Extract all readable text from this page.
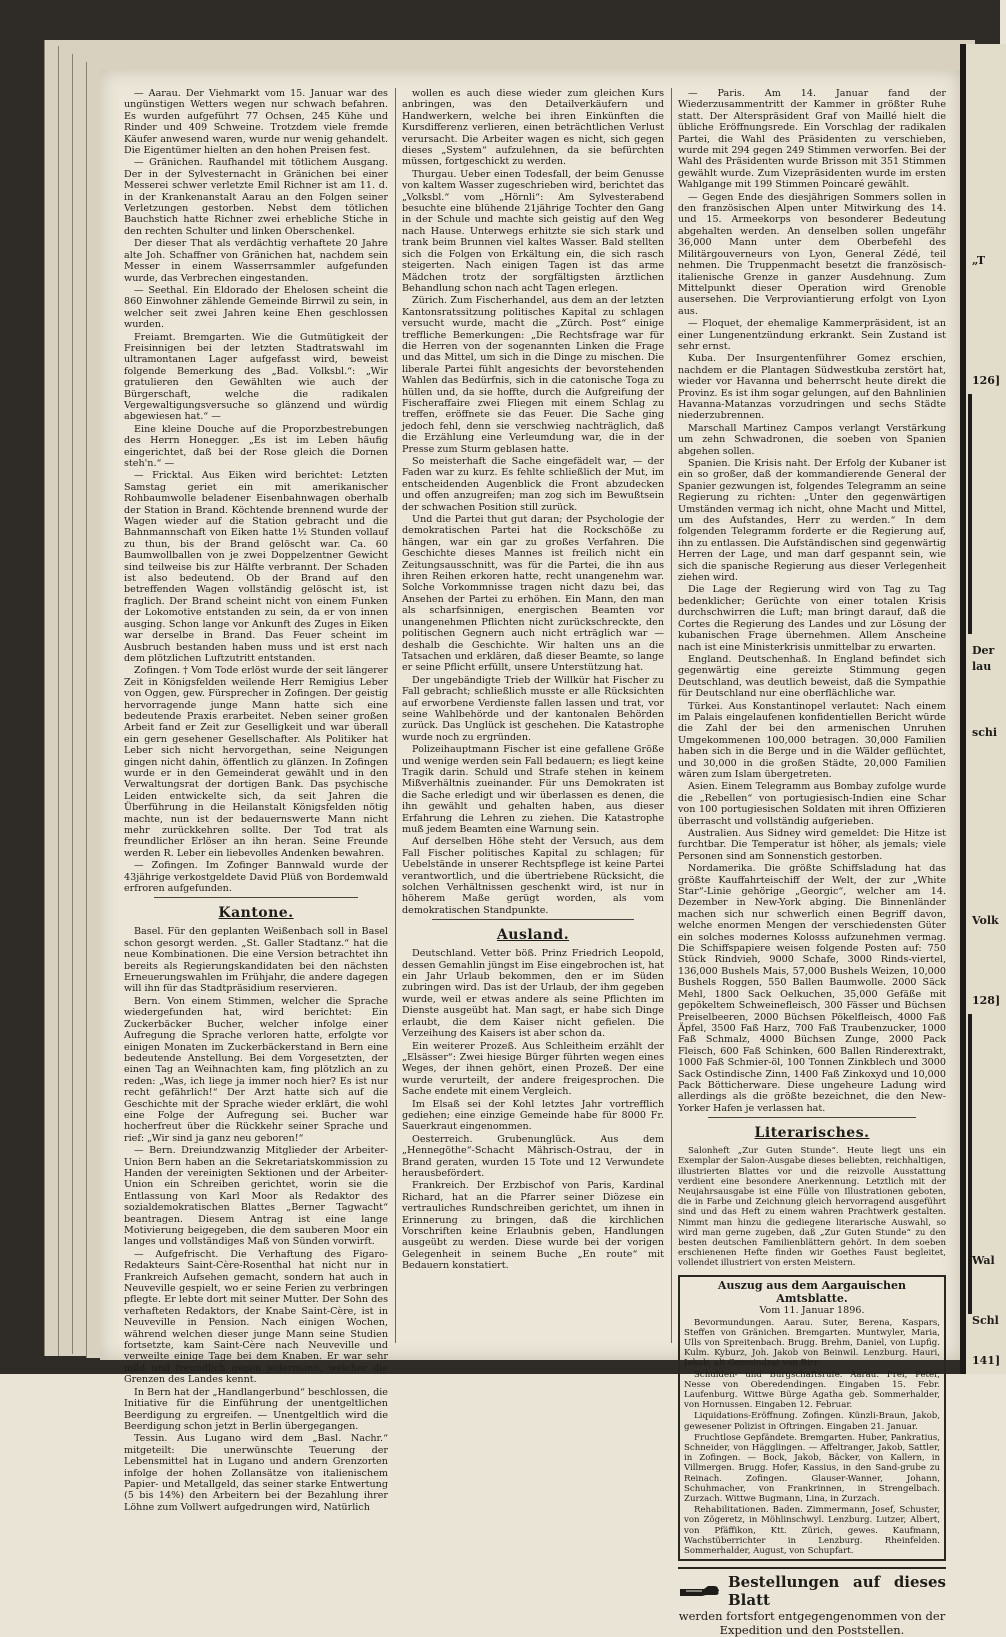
„T
126]
Der
lau
schi
Volk
128]
Wal
Schl
141]

— Aarau. Der Viehmarkt vom 15. Januar war des ungünstigen Wetters wegen nur schwach befahren. Es wurden aufgeführt 77 Ochsen, 245 Kühe und Rinder und 409 Schweine. Trotzdem viele fremde Käufer anwesend waren, wurde nur wenig gehandelt. Die Eigentümer hielten an den hohen Preisen fest.

— Gränichen. Raufhandel mit tötlichem Ausgang. Der in der Sylvesternacht in Gränichen bei einer Messerei schwer verletzte Emil Richner ist am 11. d. in der Krankenanstalt Aarau an den Folgen seiner Verletzungen gestorben. Nebst dem tötlichen Bauchstich hatte Richner zwei erhebliche Stiche in den rechten Schulter und linken Oberschenkel.

Der dieser That als verdächtig verhaftete 20 Jahre alte Joh. Schaffner von Gränichen hat, nachdem sein Messer in einem Wasserrsammler aufgefunden wurde, das Verbrechen eingestanden.

— Seethal. Ein Eldorado der Ehelosen scheint die 860 Einwohner zählende Gemeinde Birrwil zu sein, in welcher seit zwei Jahren keine Ehen geschlossen wurden.

Freiamt. Bremgarten. Wie die Gutmütigkeit der Freisinnigen bei der letzten Stadtratswahl im ultramontanen Lager aufgefasst wird, beweist folgende Bemerkung des „Bad. Volksbl.“: „Wir gratulieren den Gewählten wie auch der Bürgerschaft, welche die radikalen Vergewaltigungsversuche so glänzend und würdig abgewiesen hat.“ —

Eine kleine Douche auf die Proporzbestrebungen des Herrn Honegger. „Es ist im Leben häufig eingerichtet, daß bei der Rose gleich die Dornen steh'n.“ —

— Fricktal. Aus Eiken wird berichtet: Letzten Samstag geriet ein mit amerikanischer Rohbaumwolle beladener Eisenbahnwagen oberhalb der Station in Brand. Köchtende brennend wurde der Wagen wieder auf die Station gebracht und die Bahnmannschaft von Eiken hatte 1½ Stunden vollauf zu thun, bis der Brand gelöscht war. Ca. 60 Baumwollballen von je zwei Doppelzentner Gewicht sind teilweise bis zur Hälfte verbrannt. Der Schaden ist also bedeutend. Ob der Brand auf den betreffenden Wagen vollständig gelöscht ist, ist fraglich. Der Brand scheint nicht von einem Funken der Lokomotive entstanden zu sein, da er von innen ausging. Schon lange vor Ankunft des Zuges in Eiken war derselbe in Brand. Das Feuer scheint im Ausbruch bestanden haben muss und ist erst nach dem plötzlichen Luftzutritt entstanden.

Zofingen. † Vom Tode erlöst wurde der seit längerer Zeit in Königsfelden weilende Herr Remigius Leber von Oggen, gew. Fürsprecher in Zofingen. Der geistig hervorragende junge Mann hatte sich eine bedeutende Praxis erarbeitet. Neben seiner großen Arbeit fand er Zeit zur Geselligkeit und war überall ein gern gesehener Gesellschafter. Als Politiker hat Leber sich nicht hervorgethan, seine Neigungen gingen nicht dahin, öffentlich zu glänzen. In Zofingen wurde er in den Gemeinderat gewählt und in den Verwaltungsrat der dortigen Bank. Das psychische Leiden entwickelte sich, da seit Jahren die Überführung in die Heilanstalt Königsfelden nötig machte, nun ist der bedauernswerte Mann nicht mehr zurückkehren sollte. Der Tod trat als freundlicher Erlöser an ihn heran. Seine Freunde werden R. Leber ein liebevolles Andenken bewahren.

— Zofingen. Im Zofinger Bannwald wurde der 43jährige verkostgeldete David Plüß von Bordemwald erfroren aufgefunden.

Kantone.

Basel. Für den geplanten Weißenbach soll in Basel schon gesorgt werden. „St. Galler Stadtanz.“ hat die neue Kombinationen. Die eine Version betrachtet ihn bereits als Regierungskandidaten bei den nächsten Erneuerungswahlen im Frühjahr, die andere dagegen will ihn für das Stadtpräsidium reservieren.

Bern. Von einem Stimmen, welcher die Sprache wiedergefunden hat, wird berichtet: Ein Zuckerbäcker Bucher, welcher infolge einer Aufregung die Sprache verloren hatte, erfolgte vor einigen Monaten im Zuckerbäckerstand in Bern eine bedeutende Anstellung. Bei dem Vorgesetzten, der einen Tag an Weihnachten kam, fing plötzlich an zu reden: „Was, ich liege ja immer noch hier? Es ist nur recht gefährlich!“ Der Arzt hatte sich auf die Geschichte mit der Sprache wieder erklärt, die wohl eine Folge der Aufregung sei. Bucher war hocherfreut über die Rückkehr seiner Sprache und rief: „Wir sind ja ganz neu geboren!“

— Bern. Dreiundzwanzig Mitglieder der Arbeiter-Union Bern haben an die Sekretariatskommission zu Handen der vereinigten Sektionen und der Arbeiter-Union ein Schreiben gerichtet, worin sie die Entlassung von Karl Moor als Redaktor des sozialdemokratischen Blattes „Berner Tagwacht“ beantragen. Diesem Antrag ist eine lange Motivierung beigegeben, die dem sauberen Moor ein langes und vollständiges Maß von Sünden vorwirft.

— Aufgefrischt. Die Verhaftung des Figaro-Redakteurs Saint-Cère-Rosenthal hat nicht nur in Frankreich Aufsehen gemacht, sondern hat auch in Neuveville gespielt, wo er seine Ferien zu verbringen pflegte. Er lebte dort mit seiner Mutter. Der Sohn des verhafteten Redaktors, der Knabe Saint-Cère, ist in Neuveville in Pension. Nach einigen Wochen, während welchen dieser junge Mann seine Studien fortsetzte, kam Saint-Cère nach Neuveville und verweilte einige Tage bei dem Knaben. Er war sehr mild und freundlich gegen jedermann, welcher die Grenzen des Landes kennt.

In Bern hat der „Handlangerbund“ beschlossen, die Initiative für die Einführung der unentgeltlichen Beerdigung zu ergreifen. — Unentgeltlich wird die Beerdigung schon jetzt in Berlin übergegangen.

Tessin. Aus Lugano wird dem „Basl. Nachr.“ mitgeteilt: Die unerwünschte Teuerung der Lebensmittel hat in Lugano und andern Grenzorten infolge der hohen Zollansätze von italienischem Papier- und Metallgeld, das seiner starke Entwertung (5 bis 14%) den Arbeitern bei der Bezahlung ihrer Löhne zum Vollwert aufgedrungen wird, Natürlich

wollen es auch diese wieder zum gleichen Kurs anbringen, was den Detailverkäufern und Handwerkern, welche bei ihren Einkünften die Kursdifferenz verlieren, einen beträchtlichen Verlust verursacht. Die Arbeiter wagen es nicht, sich gegen dieses „System“ aufzulehnen, da sie befürchten müssen, fortgeschickt zu werden.

Thurgau. Ueber einen Todesfall, der beim Genusse von kaltem Wasser zugeschrieben wird, berichtet das „Volksbl.“ vom „Hörnli“: Am Sylvesterabend besuchte eine blühende 21jährige Tochter den Gang in der Schule und machte sich geistig auf den Weg nach Hause. Unterwegs erhitzte sie sich stark und trank beim Brunnen viel kaltes Wasser. Bald stellten sich die Folgen von Erkältung ein, die sich rasch steigerten. Nach einigen Tagen ist das arme Mädchen trotz der sorgfältigsten ärztlichen Behandlung schon nach acht Tagen erlegen.

Zürich. Zum Fischerhandel, aus dem an der letzten Kantonsratssitzung politisches Kapital zu schlagen versucht wurde, macht die „Zürch. Post“ einige treffliche Bemerkungen: „Die Rechtsfrage war für die Herren von der sogenannten Linken die Frage und das Mittel, um sich in die Dinge zu mischen. Die liberale Partei fühlt angesichts der bevorstehenden Wahlen das Bedürfnis, sich in die catonische Toga zu hüllen und, da sie hoffte, durch die Aufgreifung der Fischeraffaire zwei Fliegen mit einem Schlag zu treffen, eröffnete sie das Feuer. Die Sache ging jedoch fehl, denn sie verschwieg nachträglich, daß die Erzählung eine Verleumdung war, die in der Presse zum Sturm geblasen hatte.

So meisterhaft die Sache eingefädelt war, — der Faden war zu kurz. Es fehlte schließlich der Mut, im entscheidenden Augenblick die Front abzudecken und offen anzugreifen; man zog sich im Bewußtsein der schwachen Position still zurück.

Und die Partei thut gut daran; der Psychologie der demokratischen Partei hat die Rockschöße zu hängen, war ein gar zu großes Verfahren. Die Geschichte dieses Mannes ist freilich nicht ein Zeitungsausschnitt, was für die Partei, die ihn aus ihren Reihen erkoren hatte, recht unangenehm war. Solche Vorkommnisse tragen nicht dazu bei, das Ansehen der Partei zu erhöhen. Ein Mann, den man als scharfsinnigen, energischen Beamten vor unangenehmen Pflichten nicht zurückschreckte, den politischen Gegnern auch nicht erträglich war — deshalb die Geschichte. Wir halten uns an die Tatsachen und erklären, daß dieser Beamte, so lange er seine Pflicht erfüllt, unsere Unterstützung hat.

Der ungebändigte Trieb der Willkür hat Fischer zu Fall gebracht; schließlich musste er alle Rücksichten auf erworbene Verdienste fallen lassen und trat, vor seine Wahlbehörde und der kantonalen Behörden zurück. Das Unglück ist geschehen. Die Katastrophe wurde noch zu ergründen.

Polizeihauptmann Fischer ist eine gefallene Größe und wenige werden sein Fall bedauern; es liegt keine Tragik darin. Schuld und Strafe stehen in keinem Mißverhältnis zueinander. Für uns Demokraten ist die Sache erledigt und wir überlassen es denen, die ihn gewählt und gehalten haben, aus dieser Erfahrung die Lehren zu ziehen. Die Katastrophe muß jedem Beamten eine Warnung sein.

Auf derselben Höhe steht der Versuch, aus dem Fall Fischer politisches Kapital zu schlagen; für Uebelstände in unserer Rechtspflege ist keine Partei verantwortlich, und die übertriebene Rücksicht, die solchen Verhältnissen geschenkt wird, ist nur in höherem Maße gerügt worden, als vom demokratischen Standpunkte.

Ausland.

Deutschland. Vetter böß. Prinz Friedrich Leopold, dessen Gemahlin jüngst im Eise eingebrochen ist, hat ein Jahr Urlaub bekommen, den er im Süden zubringen wird. Das ist der Urlaub, der ihm gegeben wurde, weil er etwas andere als seine Pflichten im Dienste ausgeübt hat. Man sagt, er habe sich Dinge erlaubt, die dem Kaiser nicht gefielen. Die Verzeihung des Kaisers ist aber schon da.

Ein weiterer Prozeß. Aus Schleitheim erzählt der „Elsässer“: Zwei hiesige Bürger führten wegen eines Weges, der ihnen gehört, einen Prozeß. Der eine wurde verurteilt, der andere freigesprochen. Die Sache endete mit einem Vergleich.

Im Elsaß sei der Kohl letztes Jahr vortrefflich gediehen; eine einzige Gemeinde habe für 8000 Fr. Sauerkraut eingenommen.

Oesterreich. Grubenunglück. Aus dem „Hennegöthe“-Schacht Mährisch-Ostrau, der in Brand geraten, wurden 15 Tote und 12 Verwundete herausbefördert.

Frankreich. Der Erzbischof von Paris, Kardinal Richard, hat an die Pfarrer seiner Diözese ein vertrauliches Rundschreiben gerichtet, um ihnen in Erinnerung zu bringen, daß die kirchlichen Vorschriften keine Erlaubnis geben, Handlungen ausgeübt zu werden. Diese wurde bei der vorigen Gelegenheit in seinem Buche „En route“ mit Bedauern konstatiert.

— Paris. Am 14. Januar fand der Wiederzusammentritt der Kammer in größter Ruhe statt. Der Alterspräsident Graf von Maillé hielt die übliche Eröffnungsrede. Ein Vorschlag der radikalen Partei, die Wahl des Präsidenten zu verschieben, wurde mit 294 gegen 249 Stimmen verworfen. Bei der Wahl des Präsidenten wurde Brisson mit 351 Stimmen gewählt wurde. Zum Vizepräsidenten wurde im ersten Wahlgange mit 199 Stimmen Poincaré gewählt.

— Gegen Ende des diesjährigen Sommers sollen in den französischen Alpen unter Mitwirkung des 14. und 15. Armeekorps von besonderer Bedeutung abgehalten werden. An denselben sollen ungefähr 36,000 Mann unter dem Oberbefehl des Militärgouverneurs von Lyon, General Zédé, teil nehmen. Die Truppenmacht besetzt die französisch-italienische Grenze in ganzer Ausdehnung. Zum Mittelpunkt dieser Operation wird Grenoble ausersehen. Die Verproviantierung erfolgt von Lyon aus.

— Floquet, der ehemalige Kammerpräsident, ist an einer Lungenentzündung erkrankt. Sein Zustand ist sehr ernst.

Kuba. Der Insurgentenführer Gomez erschien, nachdem er die Plantagen Südwestkuba zerstört hat, wieder vor Havanna und beherrscht heute direkt die Provinz. Es ist ihm sogar gelungen, auf den Bahnlinien Havanna-Matanzas vorzudringen und sechs Städte niederzubrennen.

Marschall Martinez Campos verlangt Verstärkung um zehn Schwadronen, die soeben von Spanien abgehen sollen.

Spanien. Die Krisis naht. Der Erfolg der Kubaner ist ein so großer, daß der kommandierende General der Spanier gezwungen ist, folgendes Telegramm an seine Regierung zu richten: „Unter den gegenwärtigen Umständen vermag ich nicht, ohne Macht und Mittel, um des Aufstandes, Herr zu werden.“ In dem folgenden Telegramm forderte er die Regierung auf, ihn zu entlassen. Die Aufständischen sind gegenwärtig Herren der Lage, und man darf gespannt sein, wie sich die spanische Regierung aus dieser Verlegenheit ziehen wird.

Die Lage der Regierung wird von Tag zu Tag bedenklicher; Gerüchte von einer totalen Krisis durchschwirren die Luft; man bringt darauf, daß die Cortes die Regierung des Landes und zur Lösung der kubanischen Frage übernehmen. Allem Anscheine nach ist eine Ministerkrisis unmittelbar zu erwarten.

England. Deutschenhaß. In England befindet sich gegenwärtig eine gereizte Stimmung gegen Deutschland, was deutlich beweist, daß die Sympathie für Deutschland nur eine oberflächliche war.

Türkei. Aus Konstantinopel verlautet: Nach einem im Palais eingelaufenen konfidentiellen Bericht würde die Zahl der bei den armenischen Unruhen Umgekommenen 100,000 betragen. 30,000 Familien haben sich in die Berge und in die Wälder geflüchtet, und 30,000 in die großen Städte, 20,000 Familien wären zum Islam übergetreten.

Asien. Einem Telegramm aus Bombay zufolge wurde die „Rebellen“ von portugiesisch-Indien eine Schar von 100 portugiesischen Soldaten mit ihren Offizieren überrascht und vollständig aufgerieben.

Australien. Aus Sidney wird gemeldet: Die Hitze ist furchtbar. Die Temperatur ist höher, als jemals; viele Personen sind am Sonnenstich gestorben.

Nordamerika. Die größte Schiffsladung hat das größte Kauffahrteischiff der Welt, der zur „White Star“-Linie gehörige „Georgic“, welcher am 14. Dezember in New-York abging. Die Binnenländer machen sich nur schwerlich einen Begriff davon, welche enormen Mengen der verschiedensten Güter ein solches modernes Kolosss aufzunehmen vermag. Die Schiffspapiere weisen folgende Posten auf: 750 Stück Rindvieh, 9000 Schafe, 3000 Rinds-viertel, 136,000 Bushels Mais, 57,000 Bushels Weizen, 10,000 Bushels Roggen, 550 Ballen Baumwolle. 2000 Säck Mehl, 1800 Sack Oelkuchen, 35,000 Gefäße mit gepökeltem Schweinefleisch, 300 Fässer und Büchsen Preiselbeeren, 2000 Büchsen Pökelfleisch, 4000 Faß Äpfel, 3500 Faß Harz, 700 Faß Traubenzucker, 1000 Faß Schmalz, 4000 Büchsen Zunge, 2000 Pack Fleisch, 600 Faß Schinken, 600 Ballen Rinderextrakt, 1000 Faß Schmier-öl, 100 Tonnen Zinkblech und 3000 Sack Ostindische Zinn, 1400 Faß Zinkoxyd und 10,000 Pack Bötticherware. Diese ungeheure Ladung wird allerdings als die größte bezeichnet, die den New-Yorker Hafen je verlassen hat.

Literarisches.

Salonheft „Zur Guten Stunde“. Heute liegt uns ein Exemplar der Salon-Ausgabe dieses beliebten, reichhaltigen, illustrierten Blattes vor und die reizvolle Ausstattung verdient eine besondere Anerkennung. Letztlich mit der Neujahrsausgabe ist eine Fülle von Illustrationen geboten, die in Farbe und Zeichnung gleich hervorragend ausgeführt sind und das Heft zu einem wahren Prachtwerk gestalten. Nimmt man hinzu die gediegene literarische Auswahl, so wird man gerne zugeben, daß „Zur Guten Stunde“ zu den besten deutschen Familienblättern gehört. In dem soeben erschienenen Hefte finden wir Goethes Faust begleitet, vollendet illustriert von ersten Meistern.

Auszug aus dem Aargauischen Amtsblatte.
Vom 11. Januar 1896.

Bevormundungen. Aarau. Suter, Berena, Kaspars, Steffen von Gränichen. Bremgarten. Muntwyler, Maria, Ulls von Spreitenbach. Brugg. Brehm, Daniel, von Lupfig. Kulm. Kyburz, Joh. Jakob von Beinwil. Lenzburg. Hauri, Jakob, alt Gemeindrat von Birr.

Schulden- und Bürgschaftsrufe. Aarau. Frei, Peter, Nesse von Oberedendingen. Eingaben 15. Febr. Laufenburg. Wittwe Bürge Agatha geb. Sommerhalder, von Hornussen. Eingaben 12. Februar.

Liquidations-Eröffnung. Zofingen. Künzli-Braun, Jakob, gewesener Polizist in Oftringen. Eingaben 21. Januar.

Fruchtlose Gepfändete. Bremgarten. Huber, Pankratius, Schneider, von Hägglingen. — Affeltranger, Jakob, Sattler, in Zofingen. — Bock, Jakob, Bäcker, von Kallern, in Villmergen. Brugg. Hofer, Kassius, in den Sand-grube zu Reinach. Zofingen. Glauser-Wanner, Johann, Schuhmacher, von Frankrinnen, in Strengelbach. Zurzach. Wittwe Bugmann, Lina, in Zurzach.

Rehabilitationen. Baden. Zimmermann, Josef, Schuster, von Zögeretz, in Möhlinschwyl. Lenzburg. Lutzer, Albert, von Pfäffikon, Ktt. Zürich, gewes. Kaufmann, Wachstüberrichter in Lenzburg. Rheinfelden. Sommerhalder, August, von Schupfart.

Bestellungen auf dieses Blatt
werden fortsfort entgegengenommen von der Expedition und den Poststellen.
